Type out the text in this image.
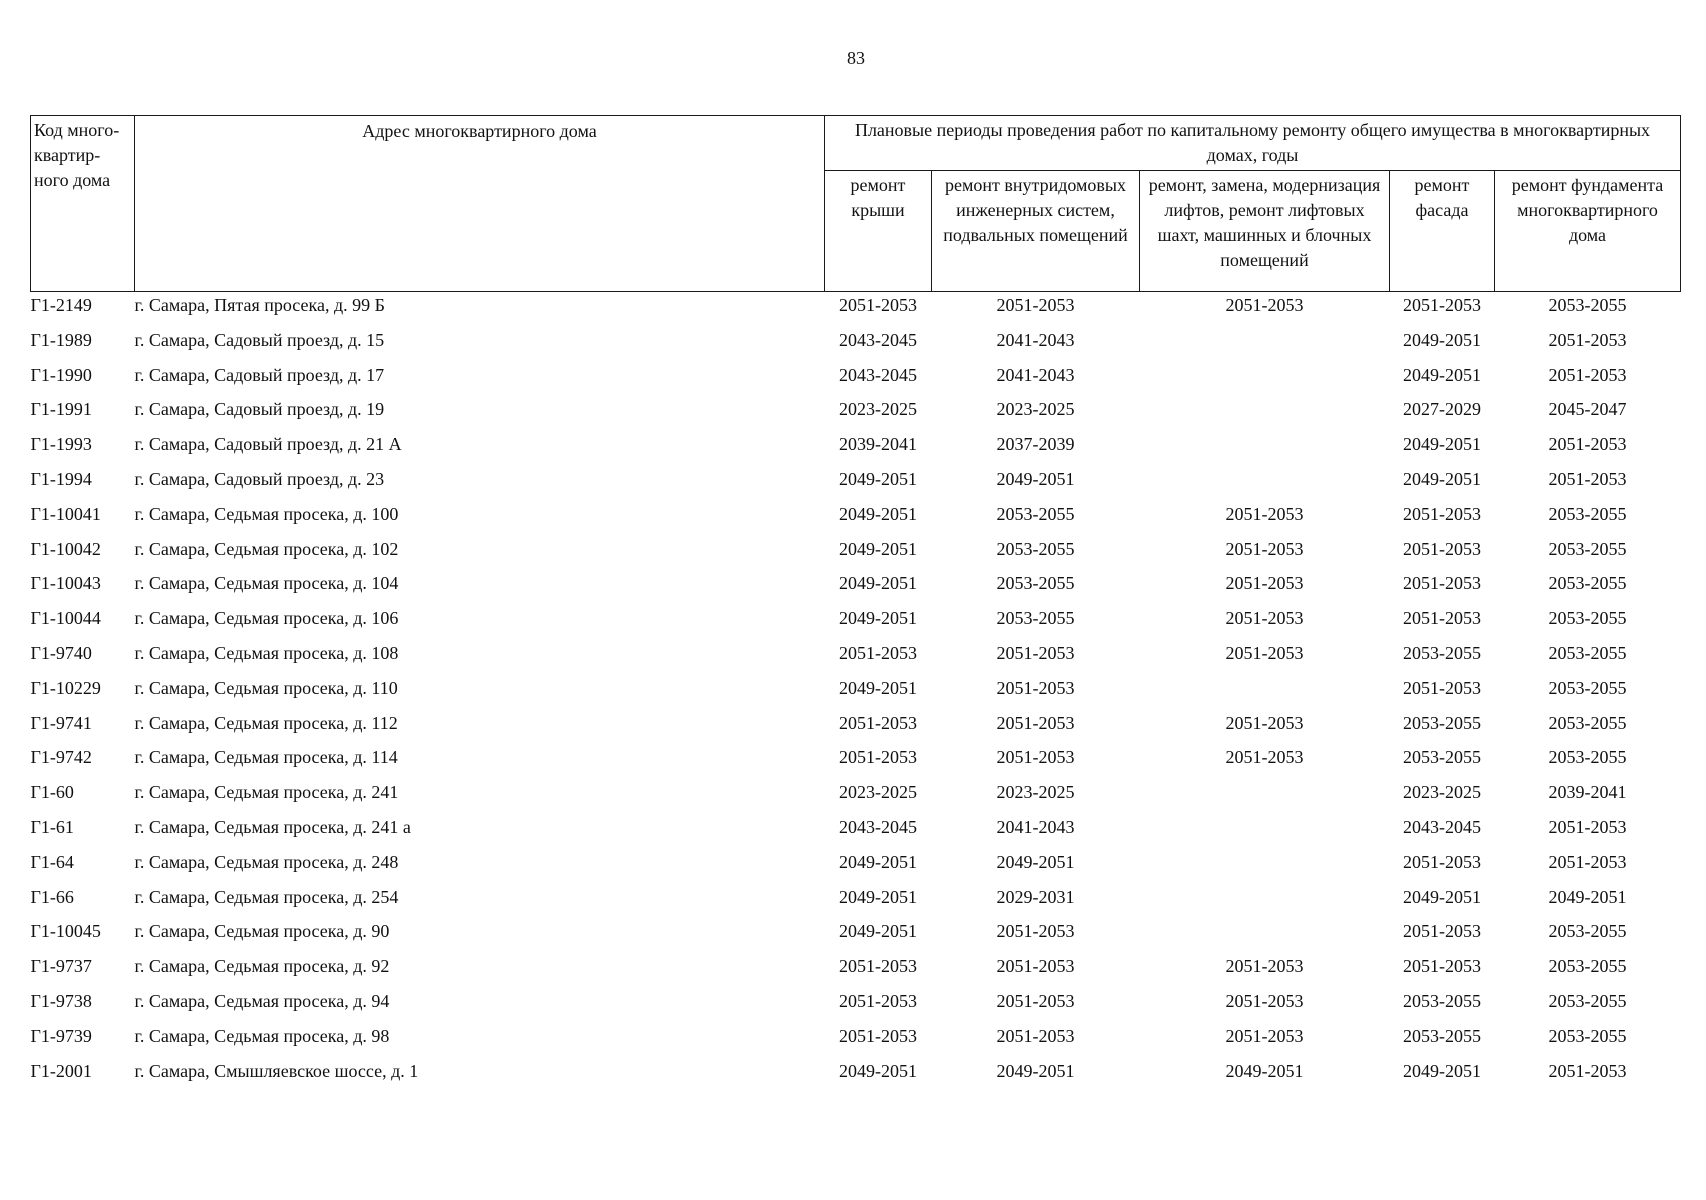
83
Код много-квартир-ного дома	Адрес многоквартирного дома	Плановые периоды проведения работ по капитальному ремонту общего имущества в многоквартирных домах, годы				
		ремонт крыши	ремонт внутридомовых инженерных систем, подвальных помещений	ремонт, замена, модернизация лифтов, ремонт лифтовых шахт, машинных и блочных помещений	ремонт фасада	ремонт фундамента многоквартирного дома
Г1-2149	г. Самара, Пятая просека, д. 99 Б	2051-2053	2051-2053	2051-2053	2051-2053	2053-2055
Г1-1989	г. Самара, Садовый проезд, д. 15	2043-2045	2041-2043		2049-2051	2051-2053
Г1-1990	г. Самара, Садовый проезд, д. 17	2043-2045	2041-2043		2049-2051	2051-2053
Г1-1991	г. Самара, Садовый проезд, д. 19	2023-2025	2023-2025		2027-2029	2045-2047
Г1-1993	г. Самара, Садовый проезд, д. 21 А	2039-2041	2037-2039		2049-2051	2051-2053
Г1-1994	г. Самара, Садовый проезд, д. 23	2049-2051	2049-2051		2049-2051	2051-2053
Г1-10041	г. Самара, Седьмая просека, д. 100	2049-2051	2053-2055	2051-2053	2051-2053	2053-2055
Г1-10042	г. Самара, Седьмая просека, д. 102	2049-2051	2053-2055	2051-2053	2051-2053	2053-2055
Г1-10043	г. Самара, Седьмая просека, д. 104	2049-2051	2053-2055	2051-2053	2051-2053	2053-2055
Г1-10044	г. Самара, Седьмая просека, д. 106	2049-2051	2053-2055	2051-2053	2051-2053	2053-2055
Г1-9740	г. Самара, Седьмая просека, д. 108	2051-2053	2051-2053	2051-2053	2053-2055	2053-2055
Г1-10229	г. Самара, Седьмая просека, д. 110	2049-2051	2051-2053		2051-2053	2053-2055
Г1-9741	г. Самара, Седьмая просека, д. 112	2051-2053	2051-2053	2051-2053	2053-2055	2053-2055
Г1-9742	г. Самара, Седьмая просека, д. 114	2051-2053	2051-2053	2051-2053	2053-2055	2053-2055
Г1-60	г. Самара, Седьмая просека, д. 241	2023-2025	2023-2025		2023-2025	2039-2041
Г1-61	г. Самара, Седьмая просека, д. 241 а	2043-2045	2041-2043		2043-2045	2051-2053
Г1-64	г. Самара, Седьмая просека, д. 248	2049-2051	2049-2051		2051-2053	2051-2053
Г1-66	г. Самара, Седьмая просека, д. 254	2049-2051	2029-2031		2049-2051	2049-2051
Г1-10045	г. Самара, Седьмая просека, д. 90	2049-2051	2051-2053		2051-2053	2053-2055
Г1-9737	г. Самара, Седьмая просека, д. 92	2051-2053	2051-2053	2051-2053	2051-2053	2053-2055
Г1-9738	г. Самара, Седьмая просека, д. 94	2051-2053	2051-2053	2051-2053	2053-2055	2053-2055
Г1-9739	г. Самара, Седьмая просека, д. 98	2051-2053	2051-2053	2051-2053	2053-2055	2053-2055
Г1-2001	г. Самара, Смышляевское шоссе, д. 1	2049-2051	2049-2051	2049-2051	2049-2051	2051-2053
